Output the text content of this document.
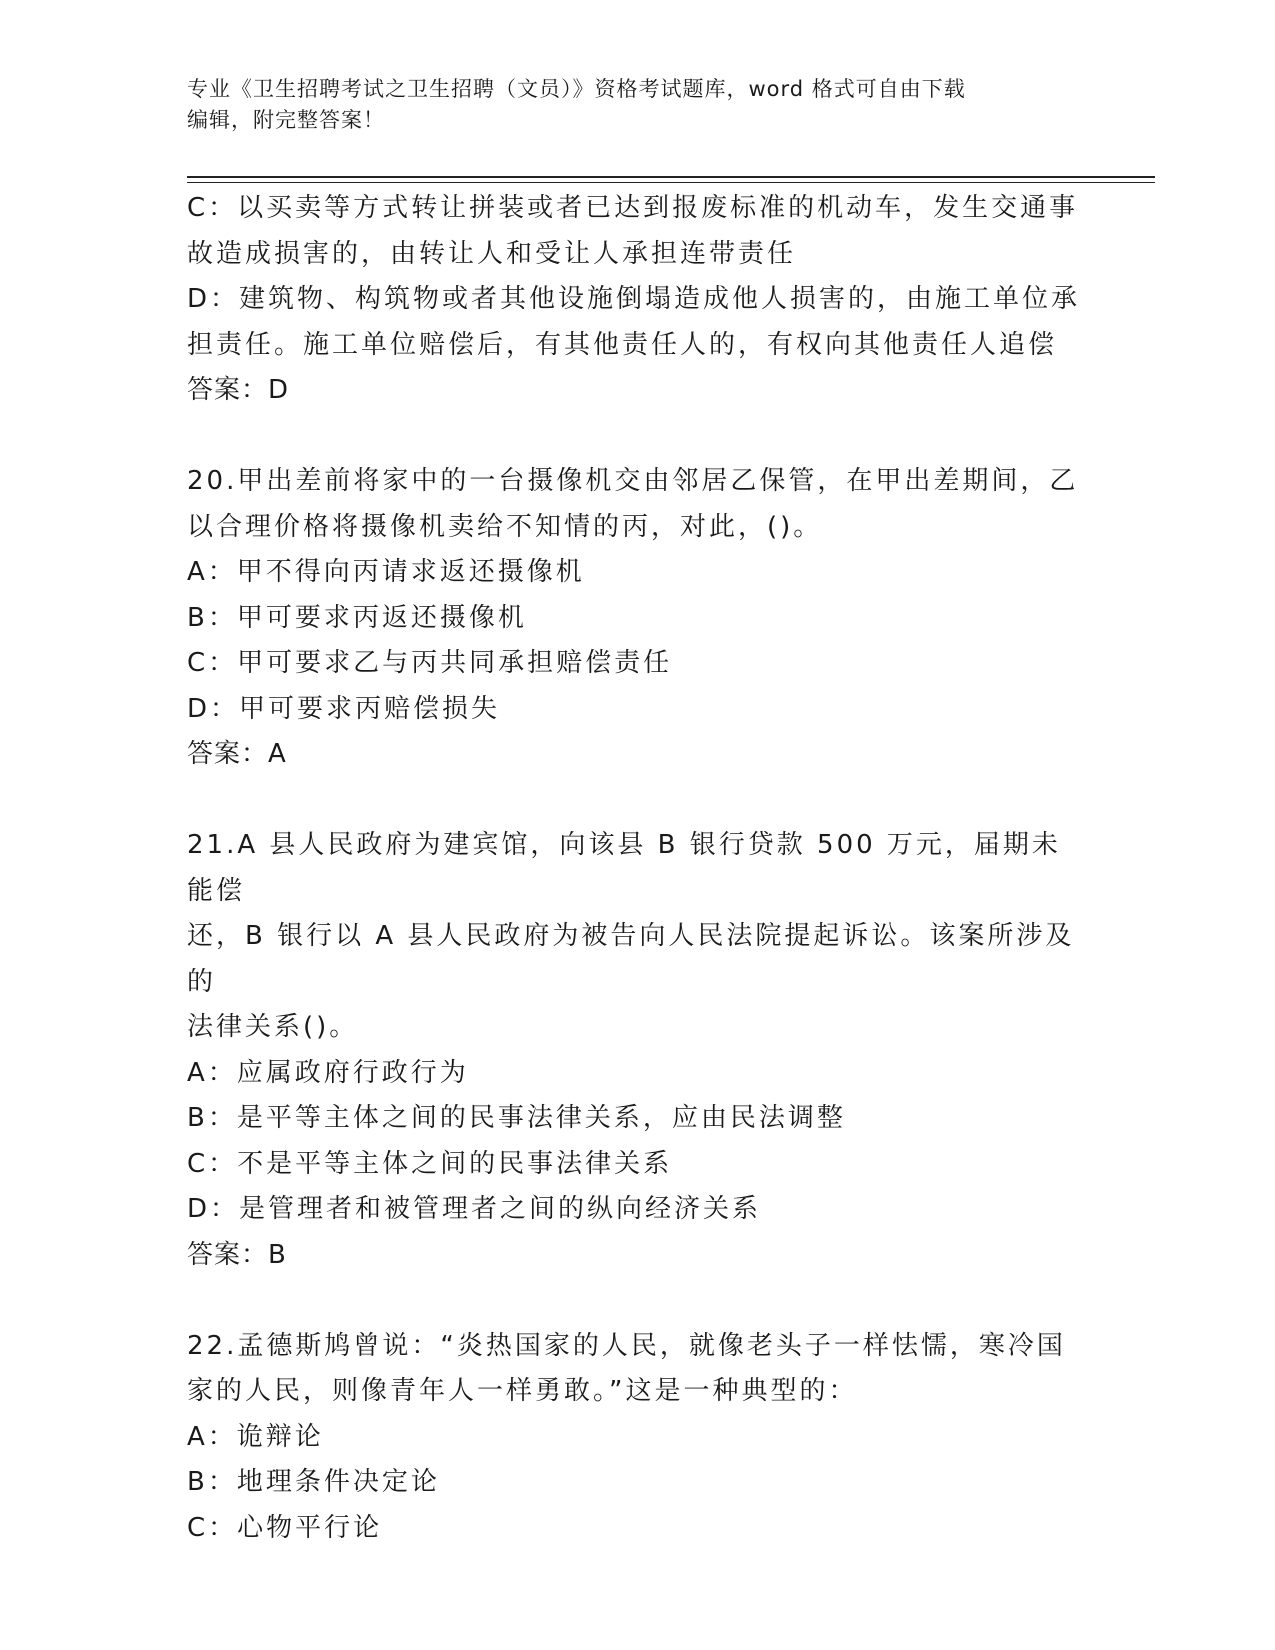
专业《卫生招聘考试之卫生招聘（文员）》资格考试题库，word 格式可自由下载
编辑，附完整答案！
C：以买卖等方式转让拼装或者已达到报废标准的机动车，发生交通事
故造成损害的，由转让人和受让人承担连带责任
D：建筑物、构筑物或者其他设施倒塌造成他人损害的，由施工单位承
担责任。施工单位赔偿后，有其他责任人的，有权向其他责任人追偿
答案：D
20.甲出差前将家中的一台摄像机交由邻居乙保管，在甲出差期间，乙
以合理价格将摄像机卖给不知情的丙，对此，()。
A：甲不得向丙请求返还摄像机
B：甲可要求丙返还摄像机
C：甲可要求乙与丙共同承担赔偿责任
D：甲可要求丙赔偿损失
答案：A
21.A 县人民政府为建宾馆，向该县 B 银行贷款 500 万元，届期未能偿
还，B 银行以 A 县人民政府为被告向人民法院提起诉讼。该案所涉及的
法律关系()。
A：应属政府行政行为
B：是平等主体之间的民事法律关系，应由民法调整
C：不是平等主体之间的民事法律关系
D：是管理者和被管理者之间的纵向经济关系
答案：B
22.孟德斯鸠曾说：“炎热国家的人民，就像老头子一样怯懦，寒冷国
家的人民，则像青年人一样勇敢。”这是一种典型的：
A：诡辩论
B：地理条件决定论
C：心物平行论
